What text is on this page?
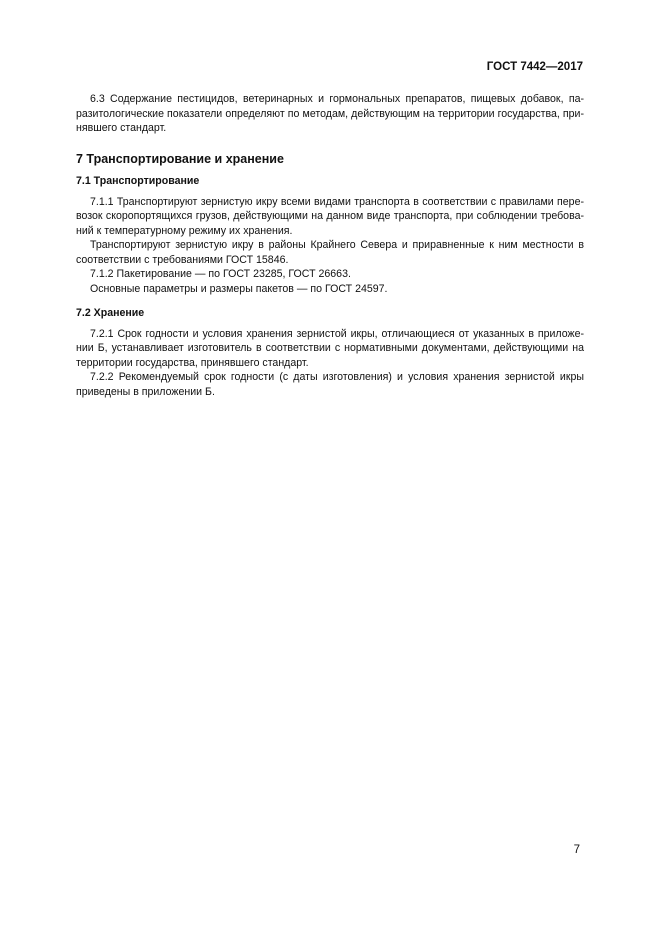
ГОСТ 7442—2017
6.3 Содержание пестицидов, ветеринарных и гормональных препаратов, пищевых добавок, па-
разитологические показатели определяют по методам, действующим на территории государства, при-
нявшего стандарт.
7 Транспортирование и хранение
7.1 Транспортирование
7.1.1 Транспортируют зернистую икру всеми видами транспорта в соответствии с правилами пере-
возок скоропортящихся грузов, действующими на данном виде транспорта, при соблюдении требова-
ний к температурному режиму их хранения.
Транспортируют зернистую икру в районы Крайнего Севера и приравненные к ним местности в
соответствии с требованиями ГОСТ 15846.
7.1.2 Пакетирование — по ГОСТ 23285, ГОСТ 26663.
Основные параметры и размеры пакетов — по ГОСТ 24597.
7.2 Хранение
7.2.1 Срок годности и условия хранения зернистой икры, отличающиеся от указанных в приложе-
нии Б, устанавливает изготовитель в соответствии с нормативными документами, действующими на
территории государства, принявшего стандарт.
7.2.2 Рекомендуемый срок годности (с даты изготовления) и условия хранения зернистой икры
приведены в приложении Б.
7
